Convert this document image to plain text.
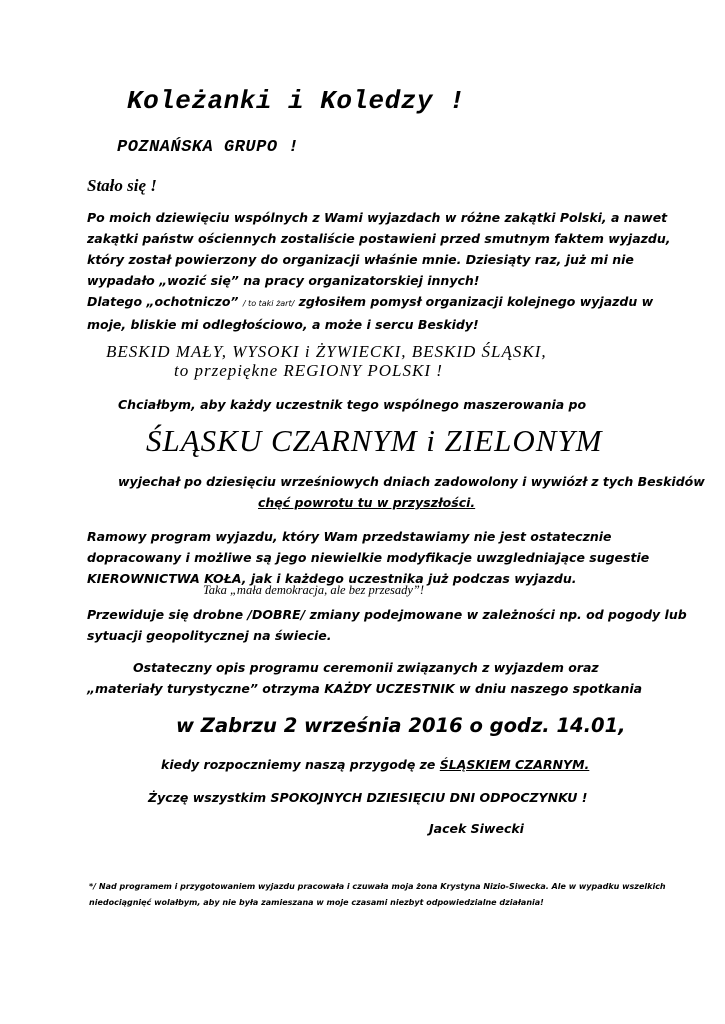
Koleżanki i Koledzy !
POZNAŃSKA GRUPO !
Stało się !
Po moich dziewięciu wspólnych z Wami wyjazdach w różne zakątki Polski, a nawet
zakątki państw ościennych zostaliście postawieni przed smutnym faktem wyjazdu,
który został powierzony do organizacji właśnie mnie. Dziesiąty raz, już mi nie
wypadało „wozić się” na pracy organizatorskiej innych!
Dlatego „ochotniczo” / to taki żart/ zgłosiłem pomysł organizacji kolejnego wyjazdu w
moje, bliskie mi odległościowo, a może i sercu Beskidy!
BESKID MAŁY, WYSOKI i ŻYWIECKI, BESKID ŚLĄSKI,
to przepiękne REGIONY POLSKI !
Chciałbym, aby każdy uczestnik tego wspólnego maszerowania po
ŚLĄSKU CZARNYM i ZIELONYM
wyjechał po dziesięciu wrześniowych dniach zadowolony i wywiózł z tych Beskidów
chęć powrotu tu w przyszłości.
Ramowy program wyjazdu, który Wam przedstawiamy nie jest ostatecznie
dopracowany i możliwe są jego niewielkie modyfikacje uwzgledniające sugestie
KIEROWNICTWA KOŁA, jak i każdego uczestnika już podczas wyjazdu.
Taka „mała demokracja, ale bez przesady”!
Przewiduje się drobne /DOBRE/ zmiany podejmowane w zależności np. od pogody lub
sytuacji geopolitycznej na świecie.
Ostateczny opis programu ceremonii związanych z wyjazdem oraz
„materiały turystyczne” otrzyma KAŻDY UCZESTNIK w dniu naszego spotkania
w Zabrzu 2 września 2016 o godz. 14.01,
kiedy rozpoczniemy naszą przygodę ze ŚLĄSKIEM CZARNYM.
Życzę wszystkim SPOKOJNYCH DZIESIĘCIU DNI ODPOCZYNKU !
Jacek Siwecki
*/ Nad programem i przygotowaniem wyjazdu pracowała i czuwała moja żona Krystyna Nizio-Siwecka. Ale w wypadku wszelkich
niedociągnięć wolałbym, aby nie była zamieszana w moje czasami niezbyt odpowiedzialne działania!
